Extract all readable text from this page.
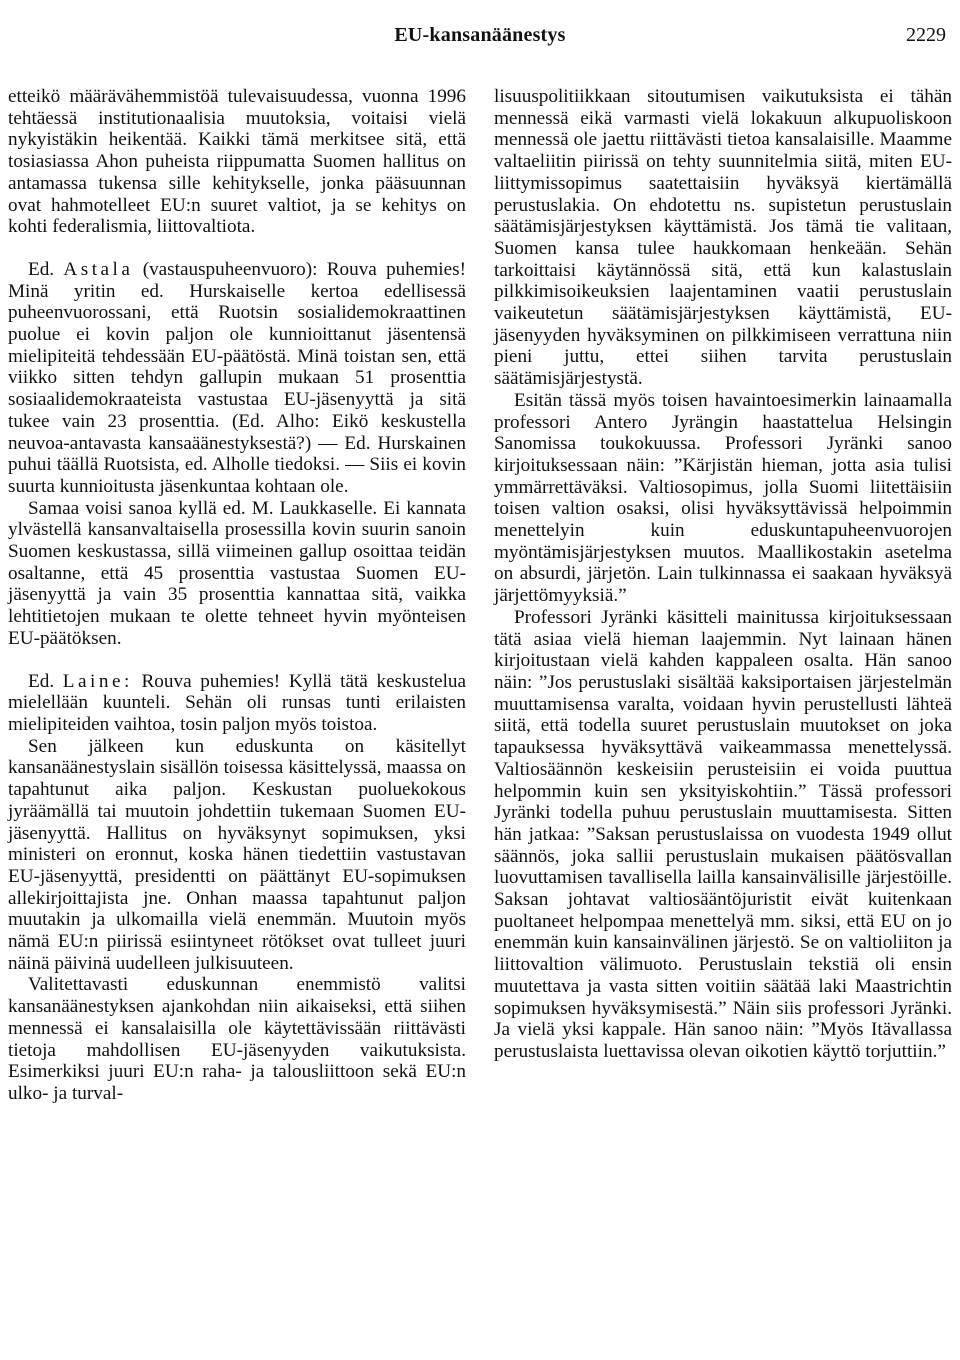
EU-kansanäänestys	2229

etteikö määrävähemmistöä tulevaisuudessa, vuonna 1996 tehtäessä institutionaalisia muutoksia, voitaisi vielä nykyistäkin heikentää. Kaikki tämä merkitsee sitä, että tosiasiassa Ahon puheista riippumatta Suomen hallitus on antamassa tukensa sille kehitykselle, jonka pääsuunnan ovat hahmotelleet EU:n suuret valtiot, ja se kehitys on kohti federalismia, liittovaltiota.

Ed. Astala (vastauspuheenvuoro): Rouva puhemies! Minä yritin ed. Hurskaiselle kertoa edellisessä puheenvuorossani, että Ruotsin sosialidemokraattinen puolue ei kovin paljon ole kunnioittanut jäsentensä mielipiteitä tehdessään EU-päätöstä. Minä toistan sen, että viikko sitten tehdyn gallupin mukaan 51 prosenttia sosiaalidemokraateista vastustaa EU-jäsenyyttä ja sitä tukee vain 23 prosenttia. (Ed. Alho: Eikö keskustella neuvoa-antavasta kansaäänestyksestä?) — Ed. Hurskainen puhui täällä Ruotsista, ed. Alholle tiedoksi. — Siis ei kovin suurta kunnioitusta jäsenkuntaa kohtaan ole.

Samaa voisi sanoa kyllä ed. M. Laukkaselle. Ei kannata ylvästellä kansanvaltaisella prosessilla kovin suurin sanoin Suomen keskustassa, sillä viimeinen gallup osoittaa teidän osaltanne, että 45 prosenttia vastustaa Suomen EU-jäsenyyttä ja vain 35 prosenttia kannattaa sitä, vaikka lehtitietojen mukaan te olette tehneet hyvin myönteisen EU-päätöksen.

Ed. Laine: Rouva puhemies! Kyllä tätä keskustelua mielellään kuunteli. Sehän oli runsas tunti erilaisten mielipiteiden vaihtoa, tosin paljon myös toistoa.

Sen jälkeen kun eduskunta on käsitellyt kansanäänestyslain sisällön toisessa käsittelyssä, maassa on tapahtunut aika paljon. Keskustan puoluekokous jyräämällä tai muutoin johdettiin tukemaan Suomen EU-jäsenyyttä. Hallitus on hyväksynyt sopimuksen, yksi ministeri on eronnut, koska hänen tiedettiin vastustavan EU-jäsenyyttä, presidentti on päättänyt EU-sopimuksen allekirjoittajista jne. Onhan maassa tapahtunut paljon muutakin ja ulkomailla vielä enemmän. Muutoin myös nämä EU:n piirissä esiintyneet rötökset ovat tulleet juuri näinä päivinä uudelleen julkisuuteen.

Valitettavasti eduskunnan enemmistö valitsi kansanäänestyksen ajankohdan niin aikaiseksi, että siihen mennessä ei kansalaisilla ole käytettävissään riittävästi tietoja mahdollisen EU-jäsenyyden vaikutuksista. Esimerkiksi juuri EU:n raha- ja talousliittoon sekä EU:n ulko- ja turval-

lisuuspolitiikkaan sitoutumisen vaikutuksista ei tähän mennessä eikä varmasti vielä lokakuun alkupuoliskoon mennessä ole jaettu riittävästi tietoa kansalaisille. Maamme valtaeliitin piirissä on tehty suunnitelmia siitä, miten EU-liittymissopimus saatettaisiin hyväksyä kiertämällä perustuslakia. On ehdotettu ns. supistetun perustuslain säätämisjärjestyksen käyttämistä. Jos tämä tie valitaan, Suomen kansa tulee haukkomaan henkeään. Sehän tarkoittaisi käytännössä sitä, että kun kalastuslain pilkkimisoikeuksien laajentaminen vaatii perustuslain vaikeutetun säätämisjärjestyksen käyttämistä, EU-jäsenyyden hyväksyminen on pilkkimiseen verrattuna niin pieni juttu, ettei siihen tarvita perustuslain säätämisjärjestystä.

Esitän tässä myös toisen havaintoesimerkin lainaamalla professori Antero Jyrängin haastattelua Helsingin Sanomissa toukokuussa. Professori Jyränki sanoo kirjoituksessaan näin: ”Kärjistän hieman, jotta asia tulisi ymmärrettäväksi. Valtiosopimus, jolla Suomi liitettäisiin toisen valtion osaksi, olisi hyväksyttävissä helpoimmin menettelyin kuin eduskuntapuheenvuorojen myöntämisjärjestyksen muutos. Maallikostakin asetelma on absurdi, järjetön. Lain tulkinnassa ei saakaan hyväksyä järjettömyyksiä.”

Professori Jyränki käsitteli mainitussa kirjoituksessaan tätä asiaa vielä hieman laajemmin. Nyt lainaan hänen kirjoitustaan vielä kahden kappaleen osalta. Hän sanoo näin: ”Jos perustuslaki sisältää kaksiportaisen järjestelmän muuttamisensa varalta, voidaan hyvin perustellusti lähteä siitä, että todella suuret perustuslain muutokset on joka tapauksessa hyväksyttävä vaikeammassa menettelyssä. Valtiosäännön keskeisiin perusteisiin ei voida puuttua helpommin kuin sen yksityiskohtiin.” Tässä professori Jyränki todella puhuu perustuslain muuttamisesta. Sitten hän jatkaa: ”Saksan perustuslaissa on vuodesta 1949 ollut säännös, joka sallii perustuslain mukaisen päätösvallan luovuttamisen tavallisella lailla kansainvälisille järjestöille. Saksan johtavat valtiosääntöjuristit eivät kuitenkaan puoltaneet helpompaa menettelyä mm. siksi, että EU on jo enemmän kuin kansainvälinen järjestö. Se on valtioliiton ja liittovaltion välimuoto. Perustuslain tekstiä oli ensin muutettava ja vasta sitten voitiin säätää laki Maastrichtin sopimuksen hyväksymisestä.” Näin siis professori Jyränki. Ja vielä yksi kappale. Hän sanoo näin: ”Myös Itävallassa perustuslaista luettavissa olevan oikotien käyttö torjuttiin.”
